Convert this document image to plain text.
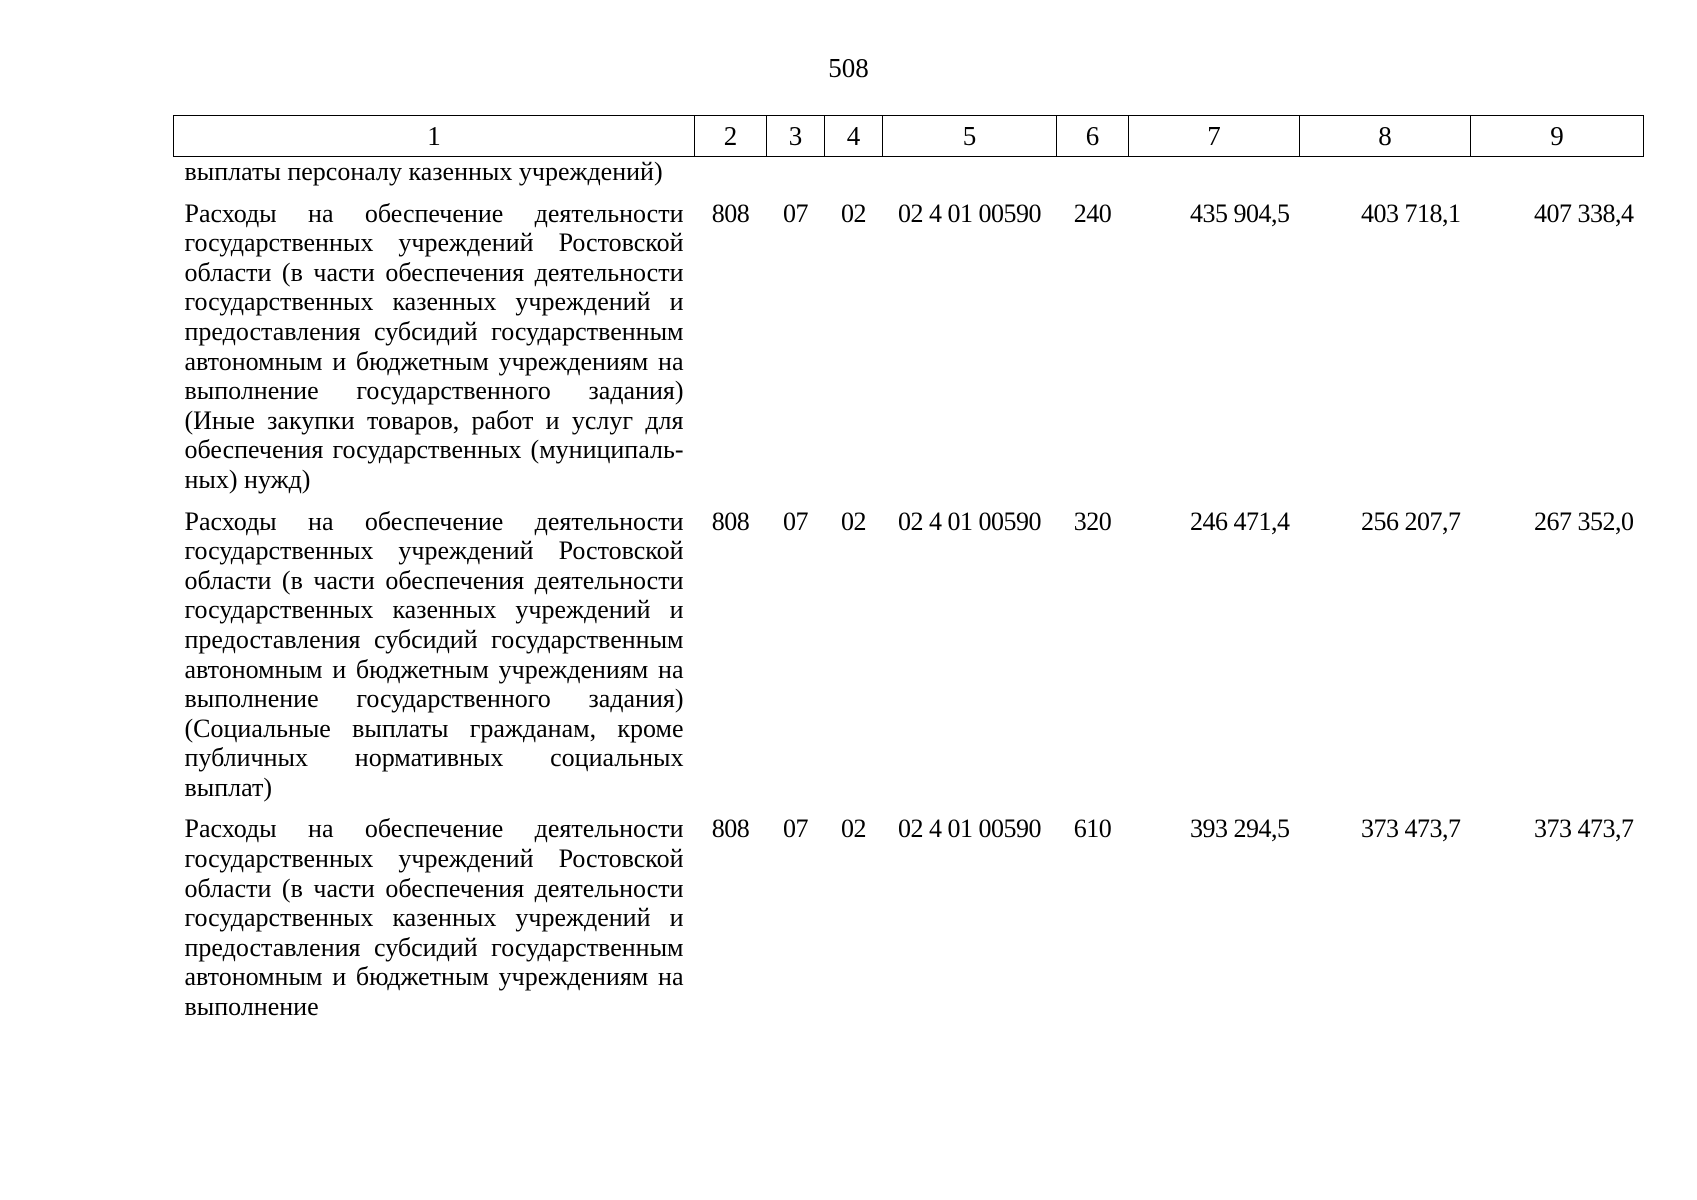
508
1	2	3	4	5	6	7	8	9
выплаты персоналу казенных учреждений)								
Расходы на обеспечение деятельности государственных учреждений Ростовской области (в части обеспечения деятельности государственных казенных учреждений и предоставления субсидий государственным автономным и бюджетным учреждениям на выполнение государственного задания) (Иные закупки товаров, работ и услуг для обеспечения государственных (муниципальных) нужд)	808	07	02	02 4 01 00590	240	435 904,5	403 718,1	407 338,4
Расходы на обеспечение деятельности государственных учреждений Ростовской области (в части обеспечения деятельности государственных казенных учреждений и предоставления субсидий государственным автономным и бюджетным учреждениям на выполнение государственного задания) (Социальные выплаты гражданам, кроме публичных нормативных социальных выплат)	808	07	02	02 4 01 00590	320	246 471,4	256 207,7	267 352,0
Расходы на обеспечение деятельности государственных учреждений Ростовской области (в части обеспечения деятельности государственных казенных учреждений и предоставления субсидий государственным автономным и бюджетным учреждениям на выполнение	808	07	02	02 4 01 00590	610	393 294,5	373 473,7	373 473,7
